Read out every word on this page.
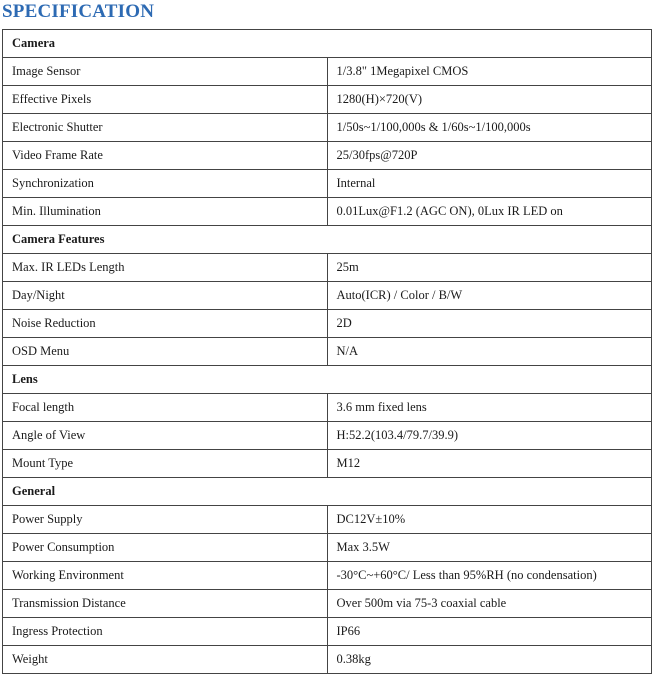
SPECIFICATION
Camera	
Image Sensor	1/3.8" 1Megapixel CMOS
Effective Pixels	1280(H)×720(V)
Electronic Shutter	1/50s~1/100,000s & 1/60s~1/100,000s
Video Frame Rate	25/30fps@720P
Synchronization	Internal
Min. Illumination	0.01Lux@F1.2 (AGC ON), 0Lux IR LED on
Camera Features	
Max. IR LEDs Length	25m
Day/Night	Auto(ICR) / Color / B/W
Noise Reduction	2D
OSD Menu	N/A
Lens	
Focal length	3.6 mm fixed lens
Angle of View	H:52.2(103.4/79.7/39.9)
Mount Type	M12
General	
Power Supply	DC12V±10%
Power Consumption	Max 3.5W
Working Environment	-30°C~+60°C/ Less than 95%RH (no condensation)
Transmission Distance	Over 500m via 75-3 coaxial cable
Ingress Protection	IP66
Weight	0.38kg
